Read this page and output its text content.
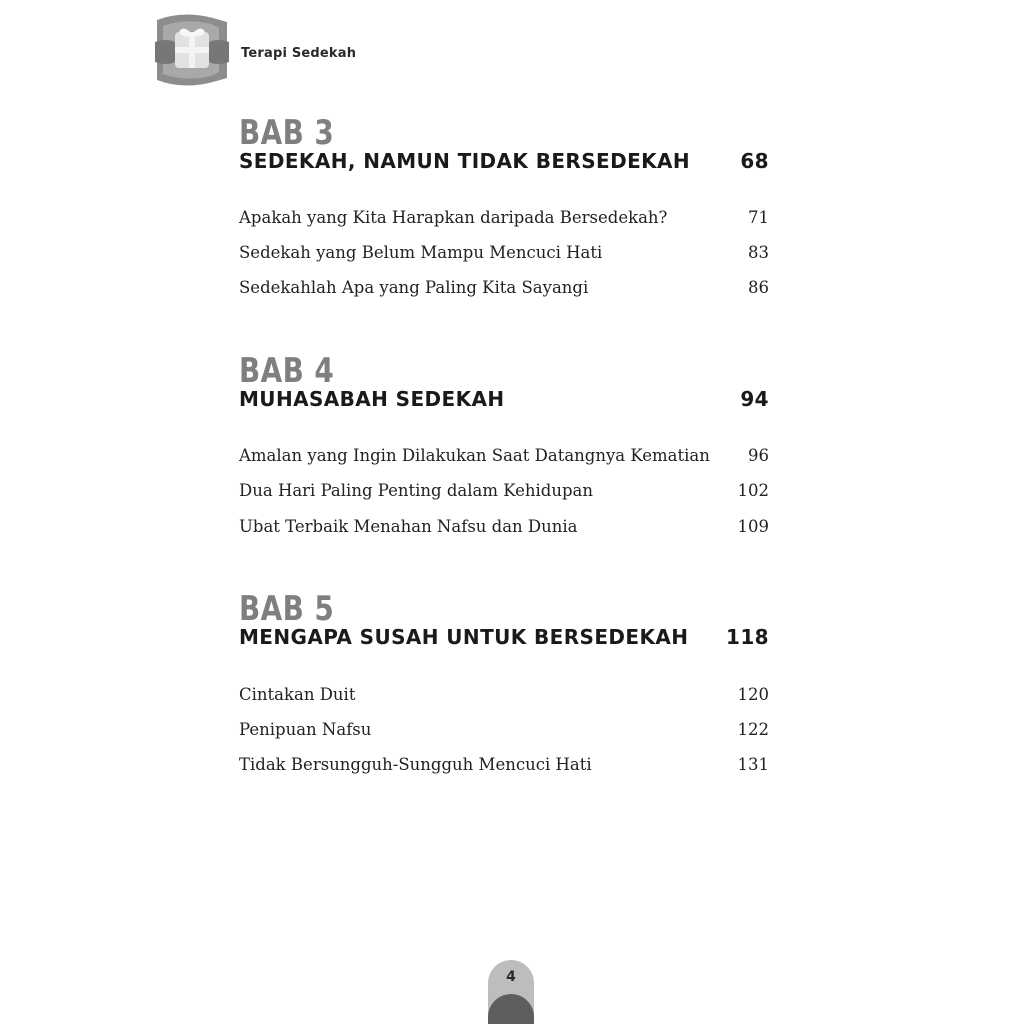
Terapi Sedekah
BAB 3
SEDEKAH, NAMUN TIDAK BERSEDEKAH	68
Apakah yang Kita Harapkan daripada Bersedekah?	71
Sedekah yang Belum Mampu Mencuci Hati	83
Sedekahlah Apa yang Paling Kita Sayangi	86
BAB 4
MUHASABAH SEDEKAH	94
Amalan yang Ingin Dilakukan Saat Datangnya Kematian 96
Dua Hari Paling Penting dalam Kehidupan	102
Ubat Terbaik Menahan Nafsu dan Dunia	109
BAB 5
MENGAPA SUSAH UNTUK BERSEDEKAH 118
Cintakan Duit	120
Penipuan Nafsu	122
Tidak Bersungguh-Sungguh Mencuci Hati	131
4
